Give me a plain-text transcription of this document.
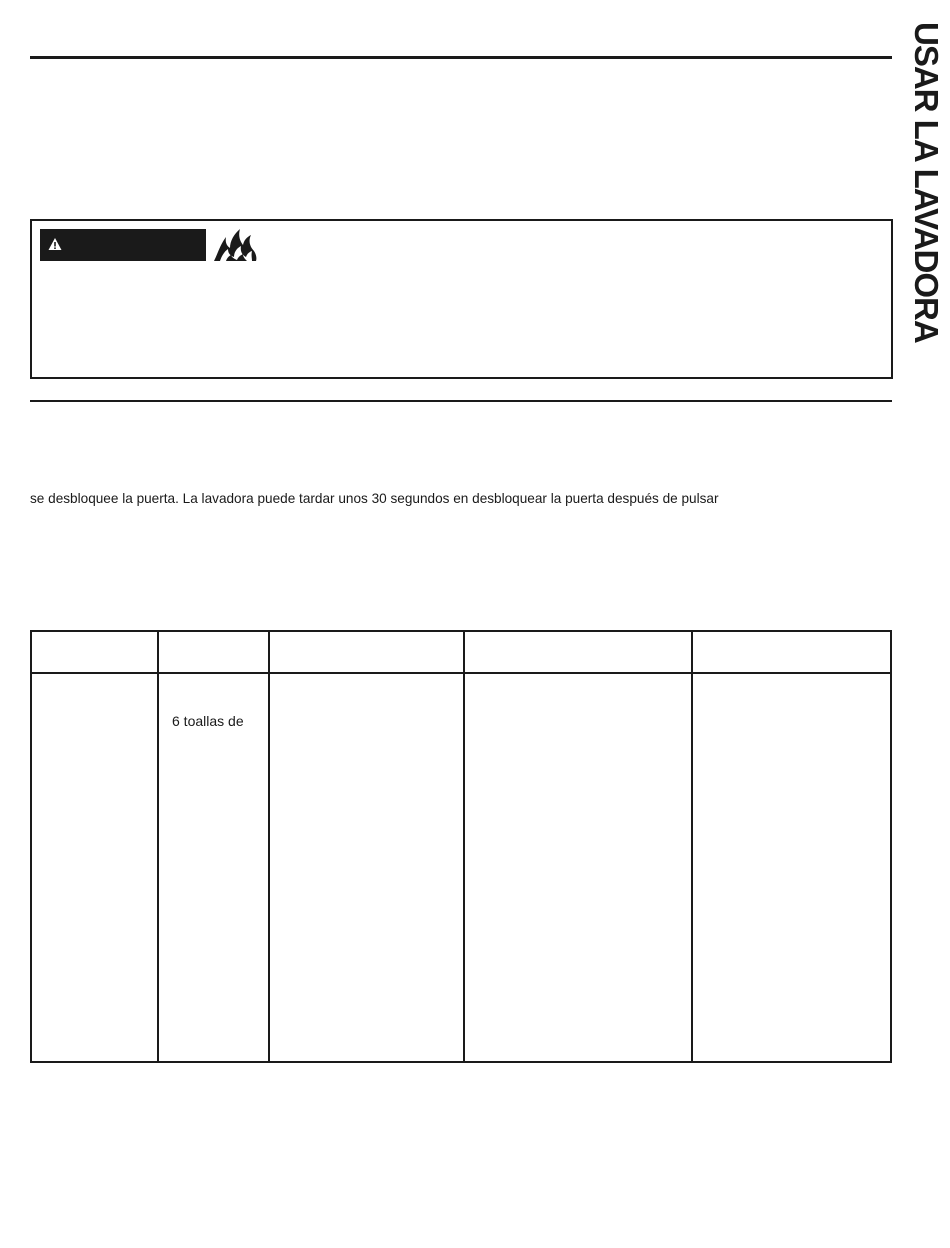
USAR LA LAVADORA
se desbloquee la puerta. La lavadora puede tardar unos 30 segundos en desbloquear la puerta después de pulsar
6 toallas de
